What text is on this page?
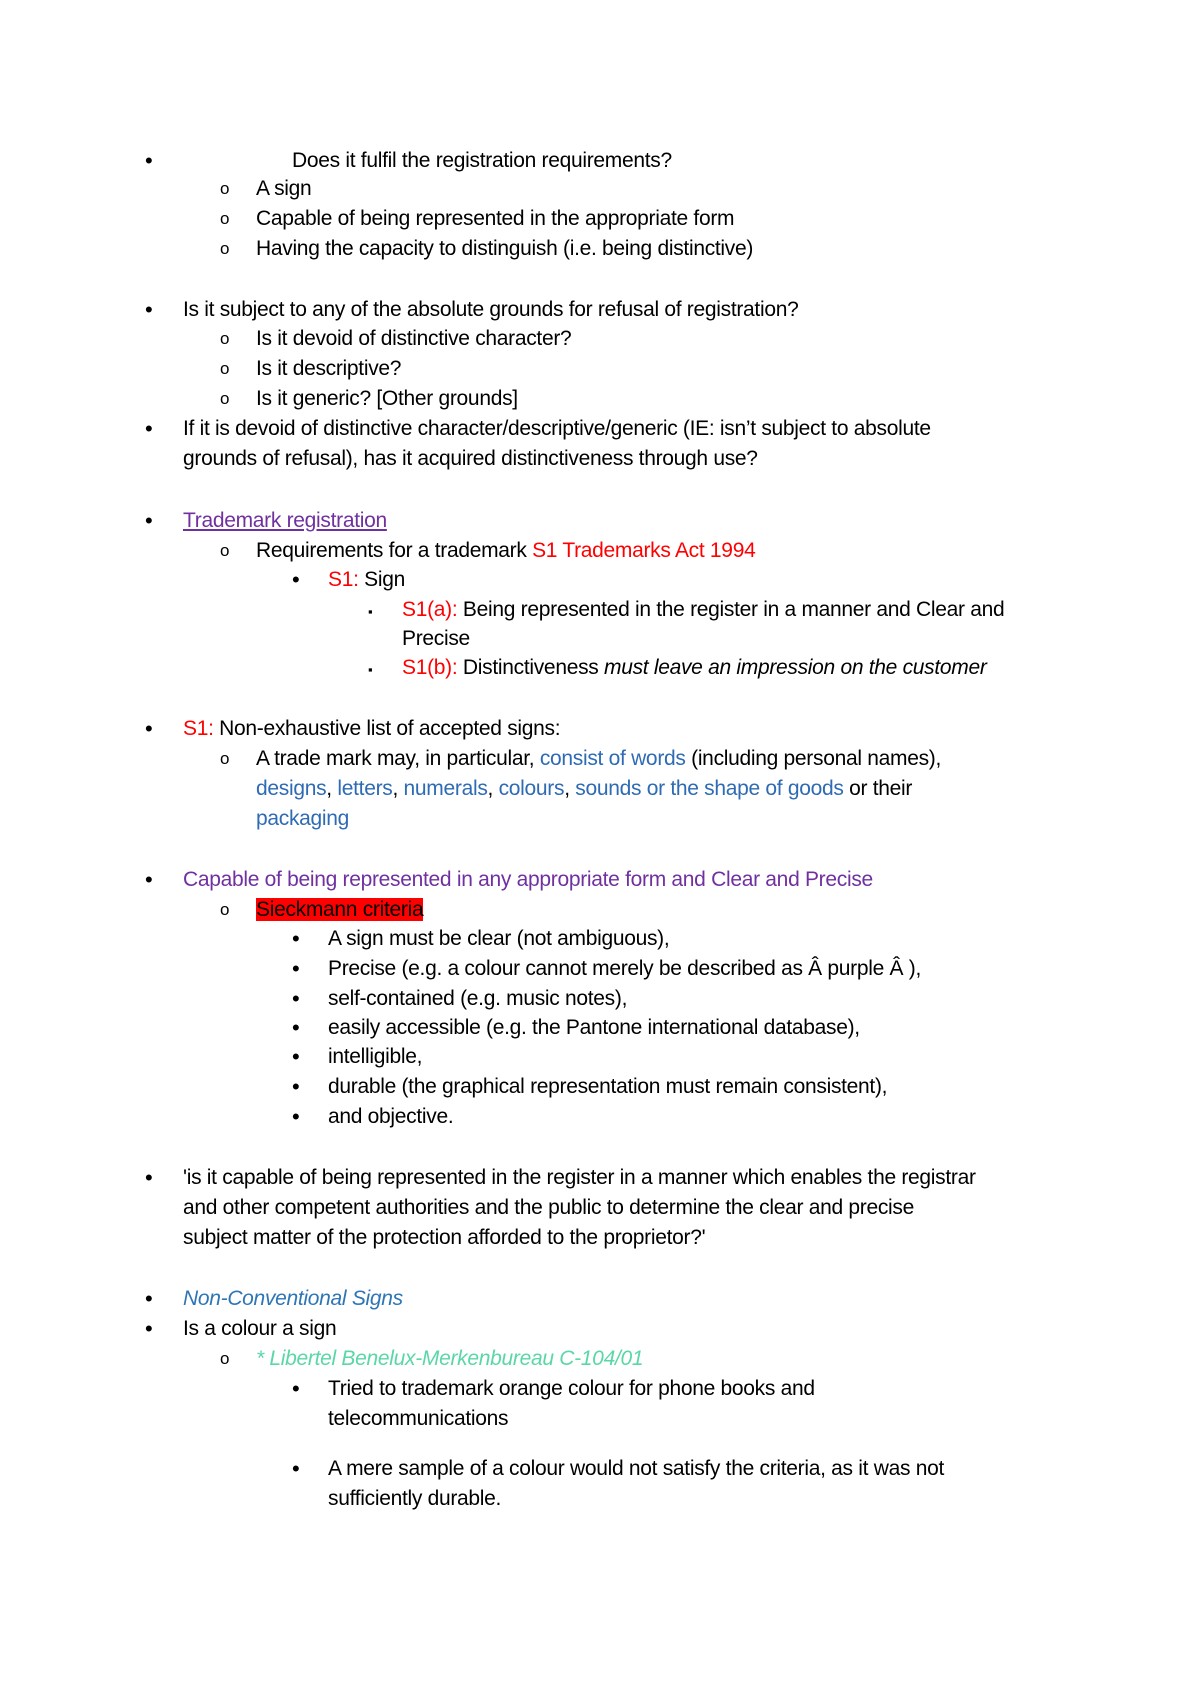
•	Does it fulfil the registration requirements?
o A sign
o Capable of being represented in the appropriate form
o Having the capacity to distinguish (i.e. being distinctive)
• Is it subject to any of the absolute grounds for refusal of registration?
o Is it devoid of distinctive character?
o Is it descriptive?
o Is it generic? [Other grounds]
• If it is devoid of distinctive character/descriptive/generic (IE: isn’t subject to absolute
grounds of refusal), has it acquired distinctiveness through use?
• Trademark registration
o Requirements for a trademark S1 Trademarks Act 1994
• S1: Sign
▪ S1(a): Being represented in the register in a manner and Clear and
Precise
▪ S1(b): Distinctiveness must leave an impression on the customer
• S1: Non-exhaustive list of accepted signs:
o A trade mark may, in particular, consist of words (including personal names),
designs, letters, numerals, colours, sounds or the shape of goods or their
packaging
• Capable of being represented in any appropriate form and Clear and Precise
o Sieckmann criteria
• A sign must be clear (not ambiguous),
• Precise (e.g. a colour cannot merely be described as Â purple Â ),
• self-contained (e.g. music notes),
• easily accessible (e.g. the Pantone international database),
• intelligible,
• durable (the graphical representation must remain consistent),
• and objective.
• 'is it capable of being represented in the register in a manner which enables the registrar
and other competent authorities and the public to determine the clear and precise
subject matter of the protection afforded to the proprietor?'
• Non-Conventional Signs
• Is a colour a sign
o * Libertel Benelux-Merkenbureau C-104/01
• Tried to trademark orange colour for phone books and
telecommunications
• A mere sample of a colour would not satisfy the criteria, as it was not
sufficiently durable.
